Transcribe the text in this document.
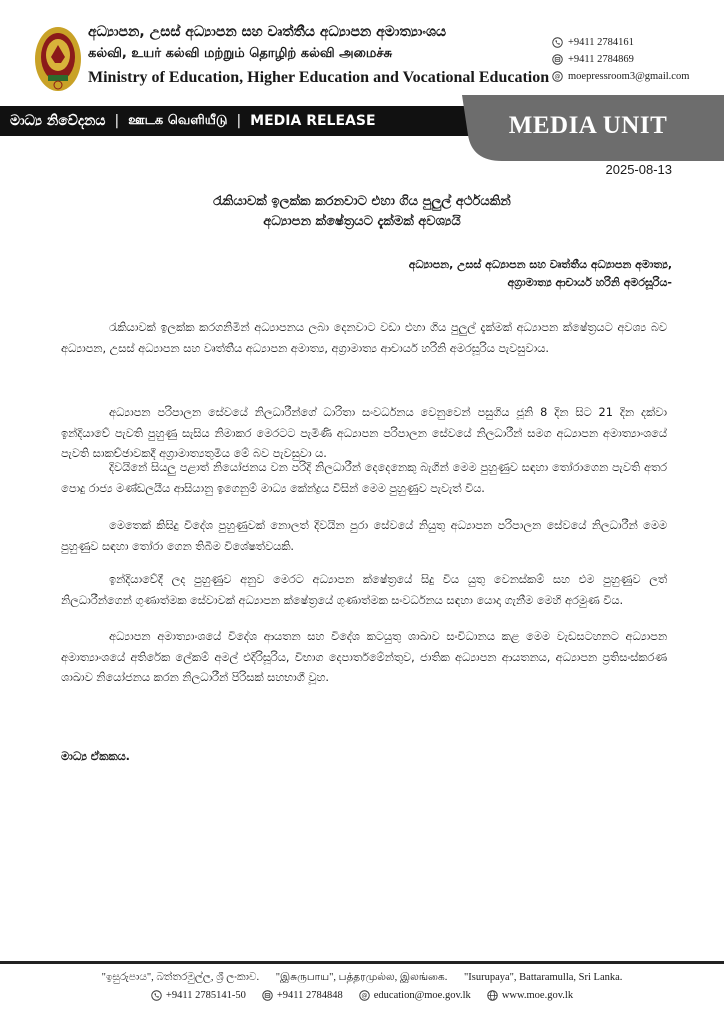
අධ්‍යාපන, උසස් අධ්‍යාපන සහ වෘත්තීය අධ්‍යාපන අමාත්‍යාංශය
கல்வி, உயர் கல்வி மற்றும் தொழிற் கல்வி அமைச்சு
Ministry of Education, Higher Education and Vocational Education
+9411 2784161
+9411 2784869
@ moepressroom3@gmail.com
මාධ්‍ය නිවේදනය | ஊடக வெளியீடு | MEDIA RELEASE	MEDIA UNIT
2025-08-13
රැකියාවක් ඉලක්ක කරනවාට එහා ගිය පුලුල් අර්ථයකින්
අධ්‍යාපන ක්ෂේත්‍රයට දැක්මක් අවශ්‍යයි
අධ්‍යාපන, උසස් අධ්‍යාපන සහ වෘත්තීය අධ්‍යාපන අමාත්‍ය,
අග්‍රාමාත්‍ය ආචාර්ය හරිනි අමරසූරිය-
රැකියාවක් ඉලක්ක කරගනිමින් අධ්‍යාපනය ලබා දෙනවාට වඩා එහා ගිය පුලුල් දැක්මක් අධ්‍යාපන ක්ෂේත්‍රයට අවශ්‍ය බව අධ්‍යාපන, උසස් අධ්‍යාපන සහ වෘත්තීය අධ්‍යාපන අමාත්‍ය, අග්‍රාමාත්‍ය ආචාර්ය හරිනි අමරසූරිය පැවසුවාය.
අධ්‍යාපන පරිපාලන සේවයේ නිලධාරීන්ගේ ධාරිතා සංවර්ධනය වෙනුවෙන් පසුගිය ජූනි 8 දින සිට 21 දින දක්වා ඉන්දියාවේ පැවති පුහුණු සැසිය නිමාකර මෙරටට පැමිණි අධ්‍යාපන පරිපාලන සේවයේ නිලධාරීන් සමග අධ්‍යාපන අමාත්‍යාංශයේ පැවති සාකච්ඡාවකදී අග්‍රාමාත්‍යතුමිය මේ බව පැවසුවා ය.
දිවයිනේ සියලු පළාත් නියෝජනය වන පරිදි නිලධාරීන් දෙදෙනෙකු බැගින් මෙම පුහුණුව සඳහා තෝරාගෙන පැවති අතර පොදු රාජ්‍ය මණ්ඩලයීය ආසියානු ඉගෙනුම් මාධ්‍ය කේන්ද්‍රය විසින් මෙම පුහුණුව පැවැත් විය.
මෙතෙක් කිසිදු විදේශ පුහුණුවක් නොලත් දිවයින පුරා සේවයේ නියුතු අධ්‍යාපන පරිපාලන සේවයේ නිලධාරීන් මෙම පුහුණුව සඳහා තෝරා ගෙන තිබීම විශේෂත්වයකි.
ඉන්දියාවේදී ලද පුහුණුව අනුව මෙරට අධ්‍යාපන ක්ෂේත්‍රයේ සිදු විය යුතු වෙනස්කම් සහ එම පුහුණුව ලත් නිලධාරීන්ගෙන් ගුණාත්මක සේවාවක් අධ්‍යාපන ක්ෂේත්‍රයේ ගුණාත්මක සංවර්ධනය සඳහා යොදා ගැනීම මෙහි අරමුණ විය.
අධ්‍යාපන අමාත්‍යාංශයේ විදේශ ආයතන සහ විදේශ කටයුතු ශාඛාව සංවිධානය කළ මෙම වැඩසටහනට අධ්‍යාපන අමාත්‍යාංශයේ අතිරේක ලේකම් අමල් එදිරිසූරිය, විභාග දෙපාර්තමේන්තුව, ජාතික අධ්‍යාපන ආයතනය, අධ්‍යාපන ප්‍රතිසංස්කරණ ශාඛාව නියෝජනය කරන නිලධාරීන් පිරිසක් සහභාගී වූහ.
මාධ්‍ය ඒකකය.
"ඉසුරුපාය", බත්තරමුල්ල, ශ්‍රී ලංකාව. "இசுருபாய", பத்தரமுல்ல, இலங்கை. "Isurupaya", Battaramulla, Sri Lanka.
+9411 2785141-50	+9411 2784848	@ education@moe.gov.lk	www.moe.gov.lk
